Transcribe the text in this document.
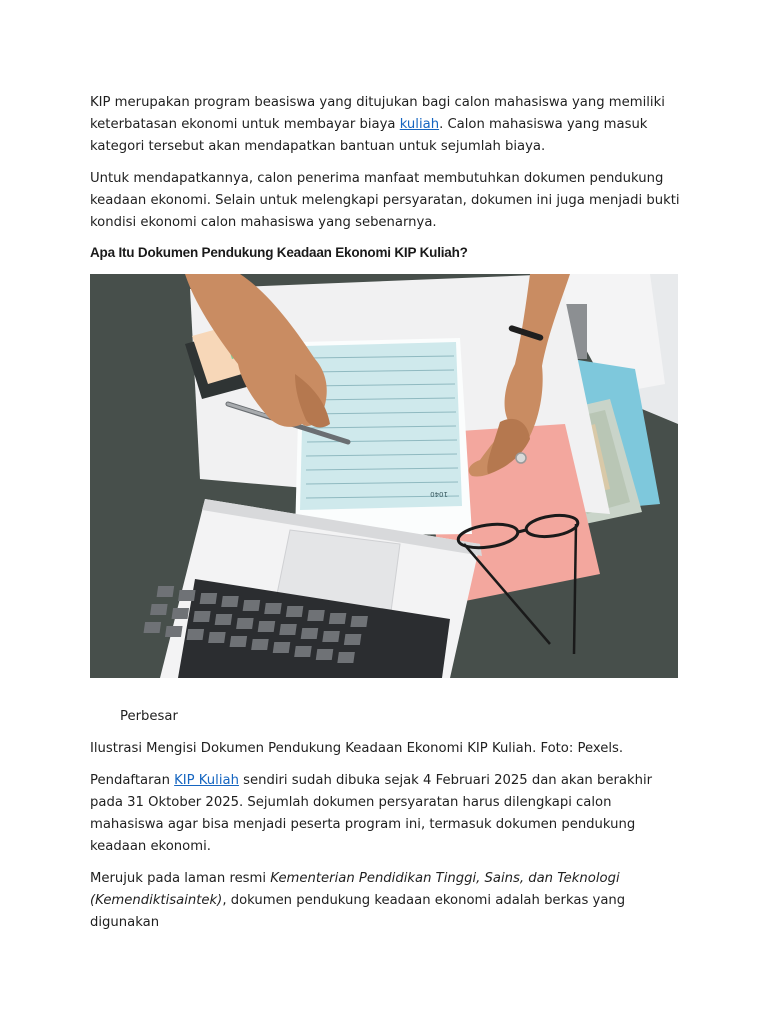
KIP merupakan program beasiswa yang ditujukan bagi calon mahasiswa yang memiliki keterbatasan ekonomi untuk membayar biaya kuliah. Calon mahasiswa yang masuk kategori tersebut akan mendapatkan bantuan untuk sejumlah biaya.

Untuk mendapatkannya, calon penerima manfaat membutuhkan dokumen pendukung keadaan ekonomi. Selain untuk melengkapi persyaratan, dokumen ini juga menjadi bukti kondisi ekonomi calon mahasiswa yang sebenarnya.

Apa Itu Dokumen Pendukung Keadaan Ekonomi KIP Kuliah?
1040
Perbesar

Ilustrasi Mengisi Dokumen Pendukung Keadaan Ekonomi KIP Kuliah. Foto: Pexels.

Pendaftaran KIP Kuliah sendiri sudah dibuka sejak 4 Februari 2025 dan akan berakhir pada 31 Oktober 2025. Sejumlah dokumen persyaratan harus dilengkapi calon mahasiswa agar bisa menjadi peserta program ini, termasuk dokumen pendukung keadaan ekonomi.

Merujuk pada laman resmi Kementerian Pendidikan Tinggi, Sains, dan Teknologi (Kemendiktisaintek), dokumen pendukung keadaan ekonomi adalah berkas yang digunakan
